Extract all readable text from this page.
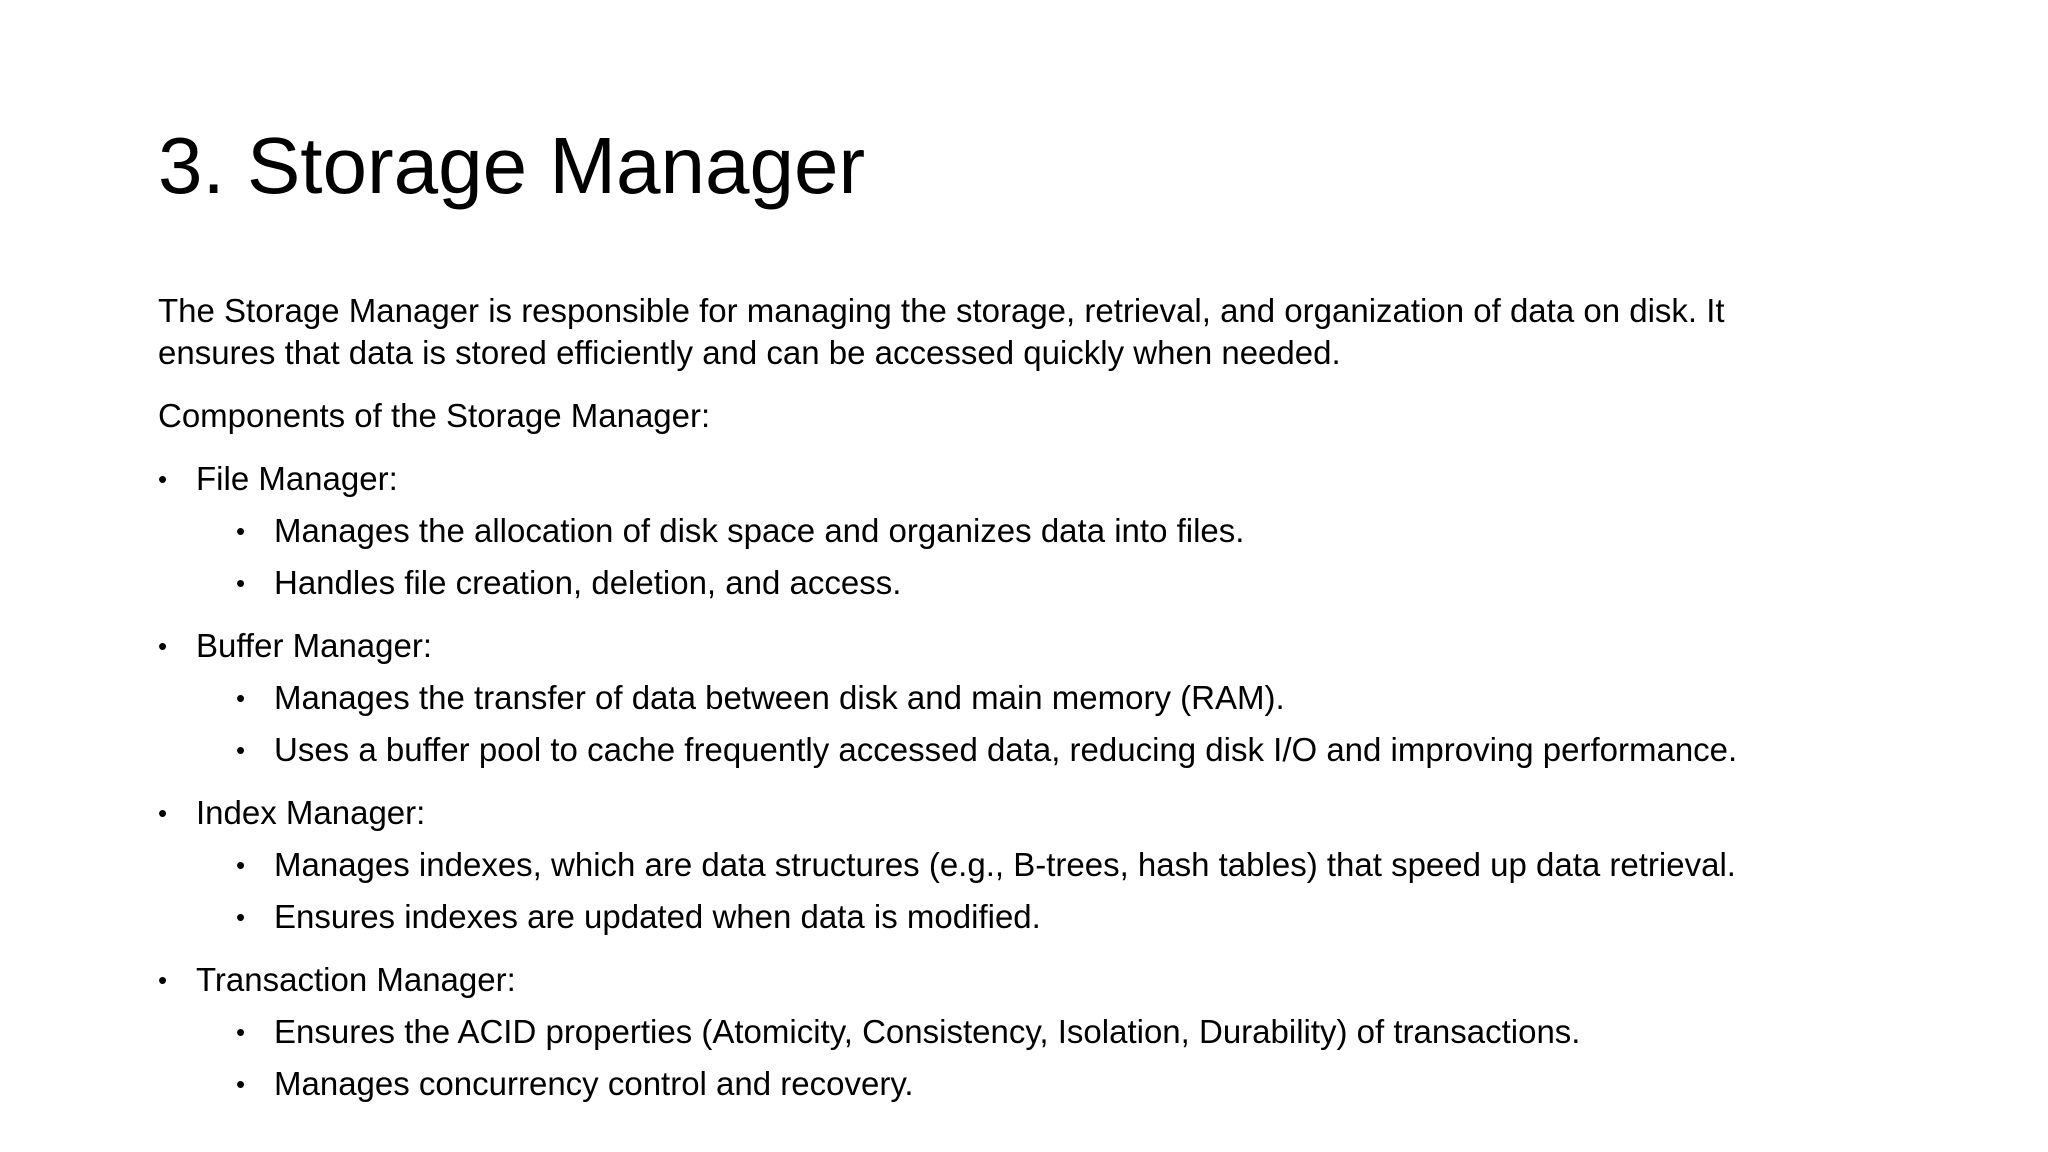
3. Storage Manager

The Storage Manager is responsible for managing the storage, retrieval, and organization of data on disk. It
ensures that data is stored efficiently and can be accessed quickly when needed.

Components of the Storage Manager:

• File Manager:
• Manages the allocation of disk space and organizes data into files.
• Handles file creation, deletion, and access.
• Buffer Manager:
• Manages the transfer of data between disk and main memory (RAM).
• Uses a buffer pool to cache frequently accessed data, reducing disk I/O and improving performance.
• Index Manager:
• Manages indexes, which are data structures (e.g., B-trees, hash tables) that speed up data retrieval.
• Ensures indexes are updated when data is modified.
• Transaction Manager:
• Ensures the ACID properties (Atomicity, Consistency, Isolation, Durability) of transactions.
• Manages concurrency control and recovery.
